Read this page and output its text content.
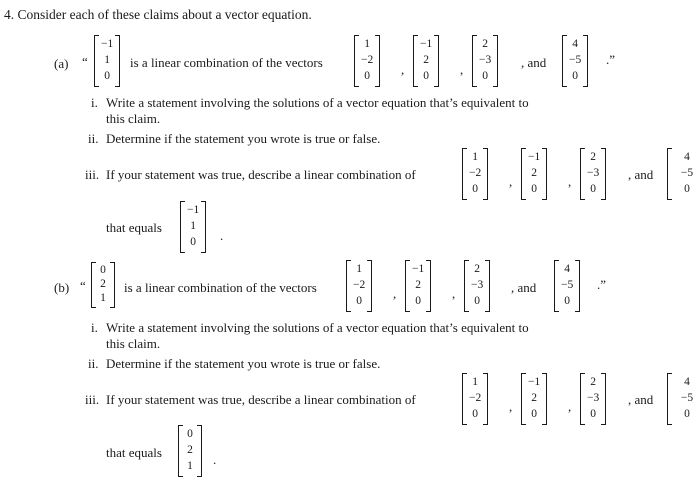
4. Consider each of these claims about a vector equation.
(a) “
−1
1
0
is a linear combination of the vectors
1
−2
0 ,
−1
2
0 ,
2
−3
0
, and
4
−5
0
.”
i. Write a statement involving the solutions of a vector equation that’s equivalent to
this claim.
ii. Determine if the statement you wrote is true or false.
iii. If your statement was true, describe a linear combination of
1
−2
0
,
−1
2
0
,
2
−3
0
, and
4
−5
0
that equals
−1
1
0 .
(b) “
0
2
1
is a linear combination of the vectors
1
−2
0
,
−1
2
0
,
2
−3
0
, and
4
−5
0
.”
i. Write a statement involving the solutions of a vector equation that’s equivalent to
this claim.
ii. Determine if the statement you wrote is true or false.
iii. If your statement was true, describe a linear combination of
1
−2
0
,
−1
2
0
,
2
−3
0
, and
4
−5
0
that equals
0
2
1 .
